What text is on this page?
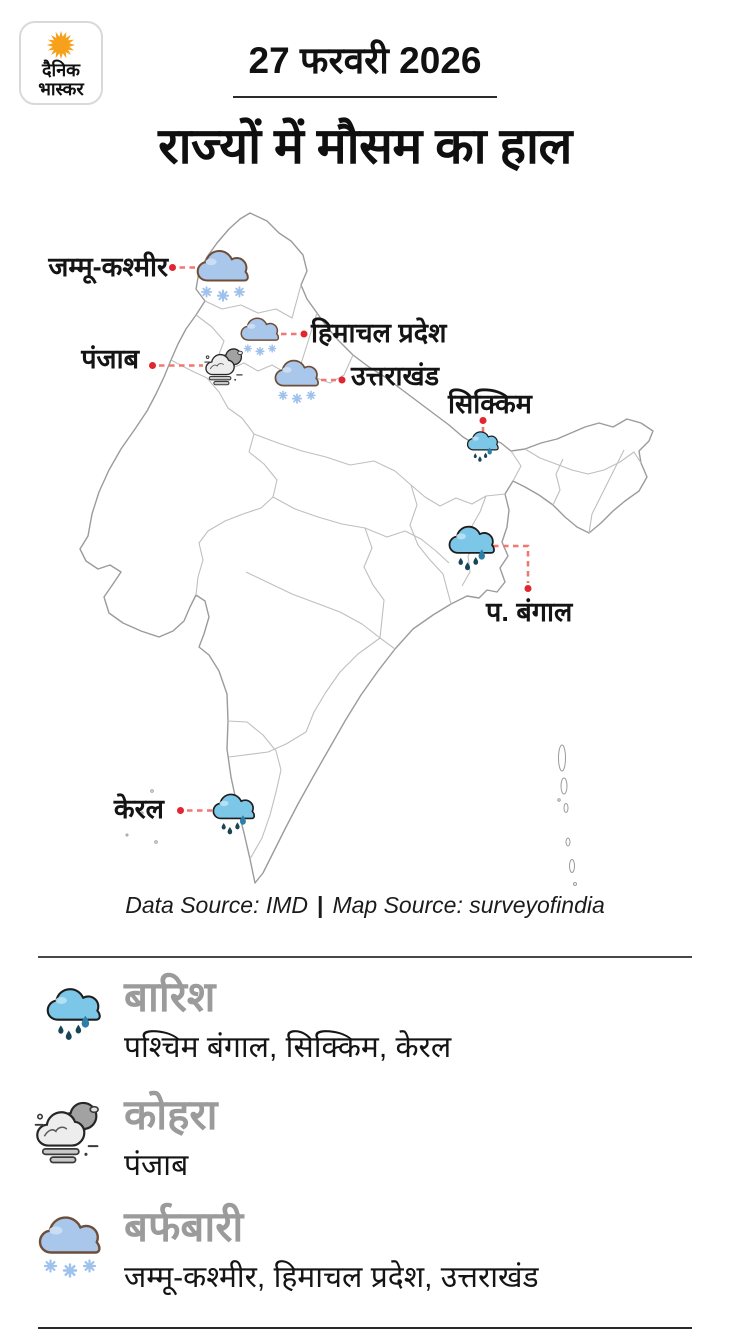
दैनिक
भास्कर
27 फरवरी 2026
राज्यों में मौसम का हाल
जम्मू-कश्मीर
हिमाचल प्रदेश
पंजाब
उत्तराखंड
सिक्किम
प. बंगाल
केरल
Data Source: IMD | Map Source: surveyofindia
बारिश
पश्चिम बंगाल, सिक्किम, केरल
कोहरा
पंजाब
बर्फबारी
जम्मू-कश्मीर, हिमाचल प्रदेश, उत्तराखंड
